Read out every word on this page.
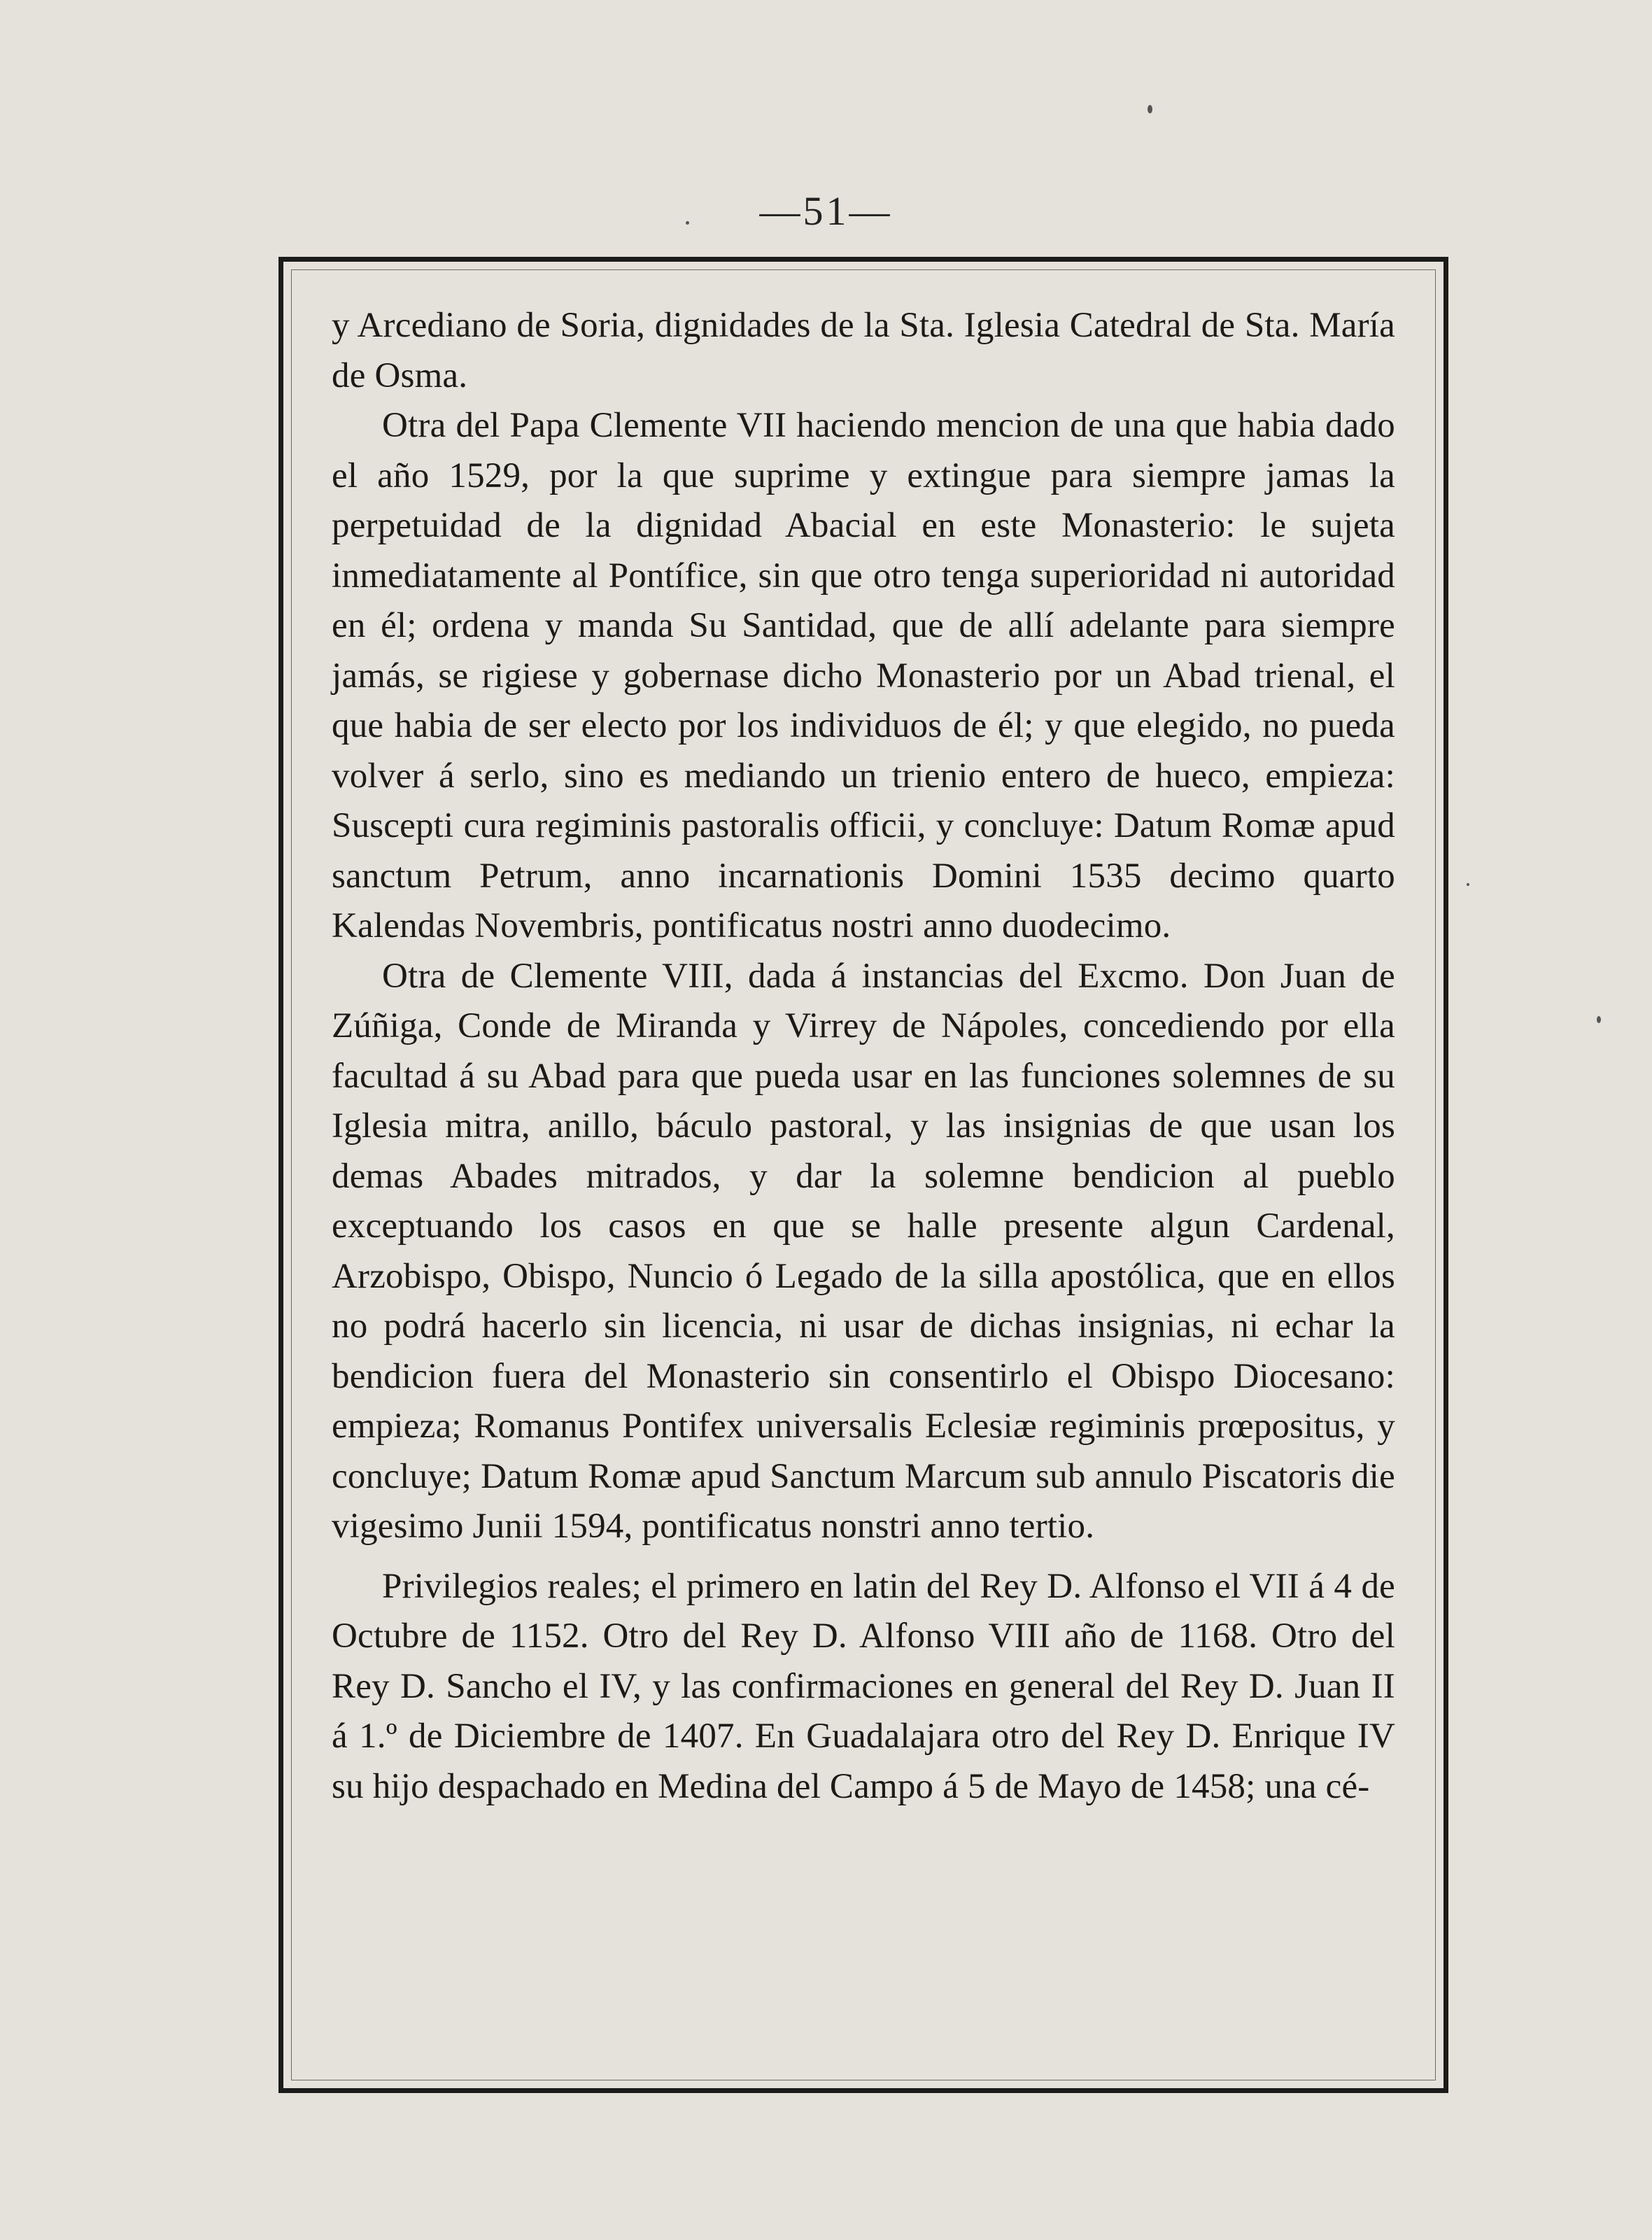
—51—

y Arcediano de Soria, dignidades de la Sta. Iglesia Catedral de Sta. María de Osma.

Otra del Papa Clemente VII haciendo mencion de una que habia dado el año 1529, por la que suprime y extingue para siempre jamas la perpetuidad de la dignidad Abacial en este Monasterio: le sujeta inmediatamente al Pontífice, sin que otro tenga superioridad ni autoridad en él; ordena y manda Su Santidad, que de allí adelante para siempre jamás, se rigiese y gobernase dicho Monasterio por un Abad trienal, el que habia de ser electo por los individuos de él; y que elegido, no pueda volver á serlo, sino es mediando un trienio entero de hueco, empieza: Suscepti cura regiminis pastoralis officii, y concluye: Datum Romæ apud sanctum Petrum, anno incarnationis Domini 1535 decimo quarto Kalendas Novembris, pontificatus nostri anno duodecimo.

Otra de Clemente VIII, dada á instancias del Excmo. Don Juan de Zúñiga, Conde de Miranda y Virrey de Nápoles, concediendo por ella facultad á su Abad para que pueda usar en las funciones solemnes de su Iglesia mitra, anillo, báculo pastoral, y las insignias de que usan los demas Abades mitrados, y dar la solemne bendicion al pueblo exceptuando los casos en que se halle presente algun Cardenal, Arzobispo, Obispo, Nuncio ó Legado de la silla apostólica, que en ellos no podrá hacerlo sin licencia, ni usar de dichas insignias, ni echar la bendicion fuera del Monasterio sin consentirlo el Obispo Diocesano: empieza; Romanus Pontifex universalis Eclesiæ regiminis prœpositus, y concluye; Datum Romæ apud Sanctum Marcum sub annulo Piscatoris die vigesimo Junii 1594, pontificatus nonstri anno tertio.

Privilegios reales; el primero en latin del Rey D. Alfonso el VII á 4 de Octubre de 1152. Otro del Rey D. Alfonso VIII año de 1168. Otro del Rey D. Sancho el IV, y las confirmaciones en general del Rey D. Juan II á 1.º de Diciembre de 1407. En Guadalajara otro del Rey D. Enrique IV su hijo despachado en Medina del Campo á 5 de Mayo de 1458; una cé-
